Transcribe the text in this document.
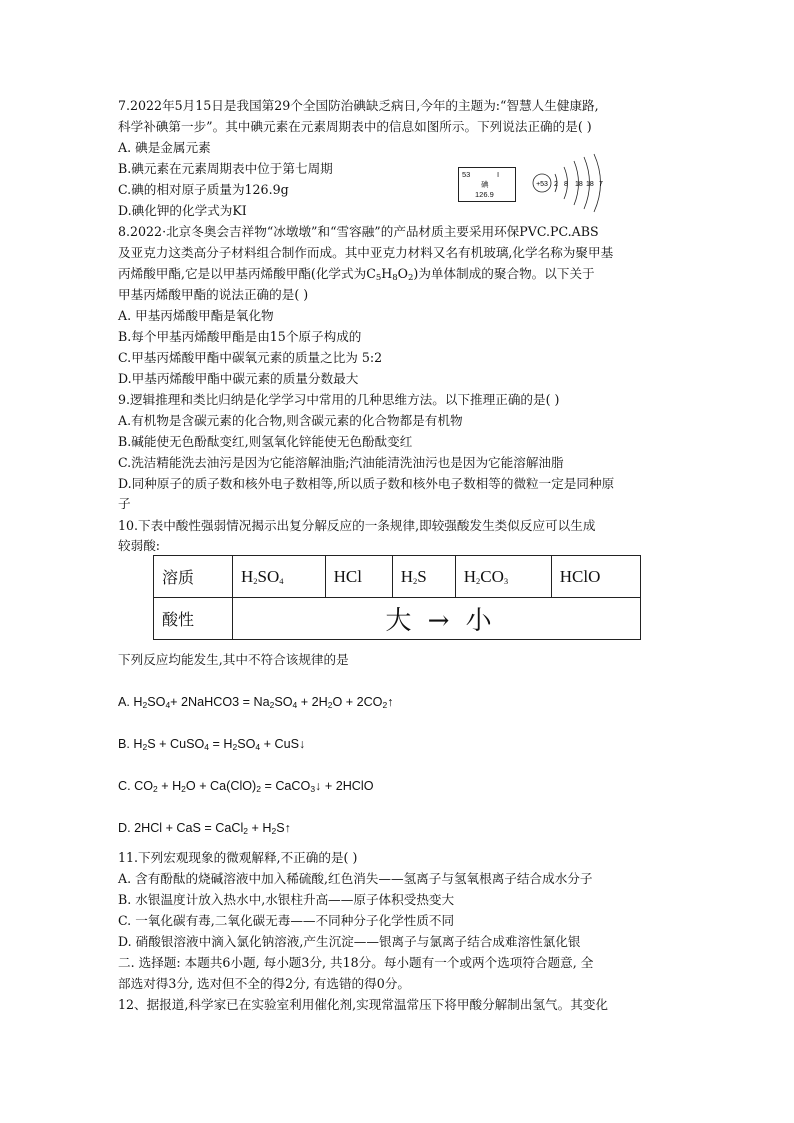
7.2022年5月15日是我国第29个全国防治碘缺乏病日,今年的主题为:“智慧人生健康路,
科学补碘第一步”。其中碘元素在元素周期表中的信息如图所示。下列说法正确的是( )
A. 碘是金属元素
B.碘元素在元素周期表中位于第七周期
C.碘的相对原子质量为126.9g
D.碘化钾的化学式为KI
53	I
碘
126.9
+53 2 8 18 18 7
8.2022·北京冬奥会吉祥物“冰墩墩”和“雪容融”的产品材质主要采用环保PVC.PC.ABS
及亚克力这类高分子材料组合制作而成。其中亚克力材料又名有机玻璃,化学名称为聚甲基
丙烯酸甲酯,它是以甲基丙烯酸甲酯(化学式为$C_5H_8O_2$)为单体制成的聚合物。以下关于
甲基丙烯酸甲酯的说法正确的是( )
A. 甲基丙烯酸甲酯是氧化物
B.每个甲基丙烯酸甲酯是由15个原子构成的
C.甲基丙烯酸甲酯中碳氧元素的质量之比为 5:2
D.甲基丙烯酸甲酯中碳元素的质量分数最大
9.逻辑推理和类比归纳是化学学习中常用的几种思维方法。以下推理正确的是( )
A.有机物是含碳元素的化合物,则含碳元素的化合物都是有机物
B.碱能使无色酚酞变红,则氢氧化锌能使无色酚酞变红
C.洗洁精能洗去油污是因为它能溶解油脂;汽油能清洗油污也是因为它能溶解油脂
D.同种原子的质子数和核外电子数相等,所以质子数和核外电子数相等的微粒一定是同种原
子
10.下表中酸性强弱情况揭示出复分解反应的一条规律,即较强酸发生类似反应可以生成
较弱酸:
溶质	$H_2SO_4$	HCl	$H_2S$	$H_2CO_3$	HClO
酸性	大 → 小				
下列反应均能发生,其中不符合该规律的是
A. $H_2SO_4+$ 2NaHCO3 = $Na_2SO_4 + 2H_2O$ + $2CO_2↑$
B. $H_2S$ + CuSO$_4$ = $H_2SO_4$ + CuS↓
C. $CO_2 + H_2O + Ca(ClO)_2$ = CaCO$_3$↓ + 2HClO
D. 2HCl + CaS = CaCl$_2$ + $H_2S↑$
11.下列宏观现象的微观解释,不正确的是( )
A. 含有酚酞的烧碱溶液中加入稀硫酸,红色消失——氢离子与氢氧根离子结合成水分子
B. 水银温度计放入热水中,水银柱升高——原子体积受热变大
C. 一氧化碳有毒,二氧化碳无毒——不同种分子化学性质不同
D. 硝酸银溶液中滴入氯化钠溶液,产生沉淀——银离子与氯离子结合成难溶性氯化银
二. 选择题: 本题共6小题, 每小题3分, 共18分。每小题有一个或两个选项符合题意, 全
部选对得3分, 选对但不全的得2分, 有选错的得0分。
12、据报道,科学家已在实验室利用催化剂,实现常温常压下将甲酸分解制出氢气。其变化
